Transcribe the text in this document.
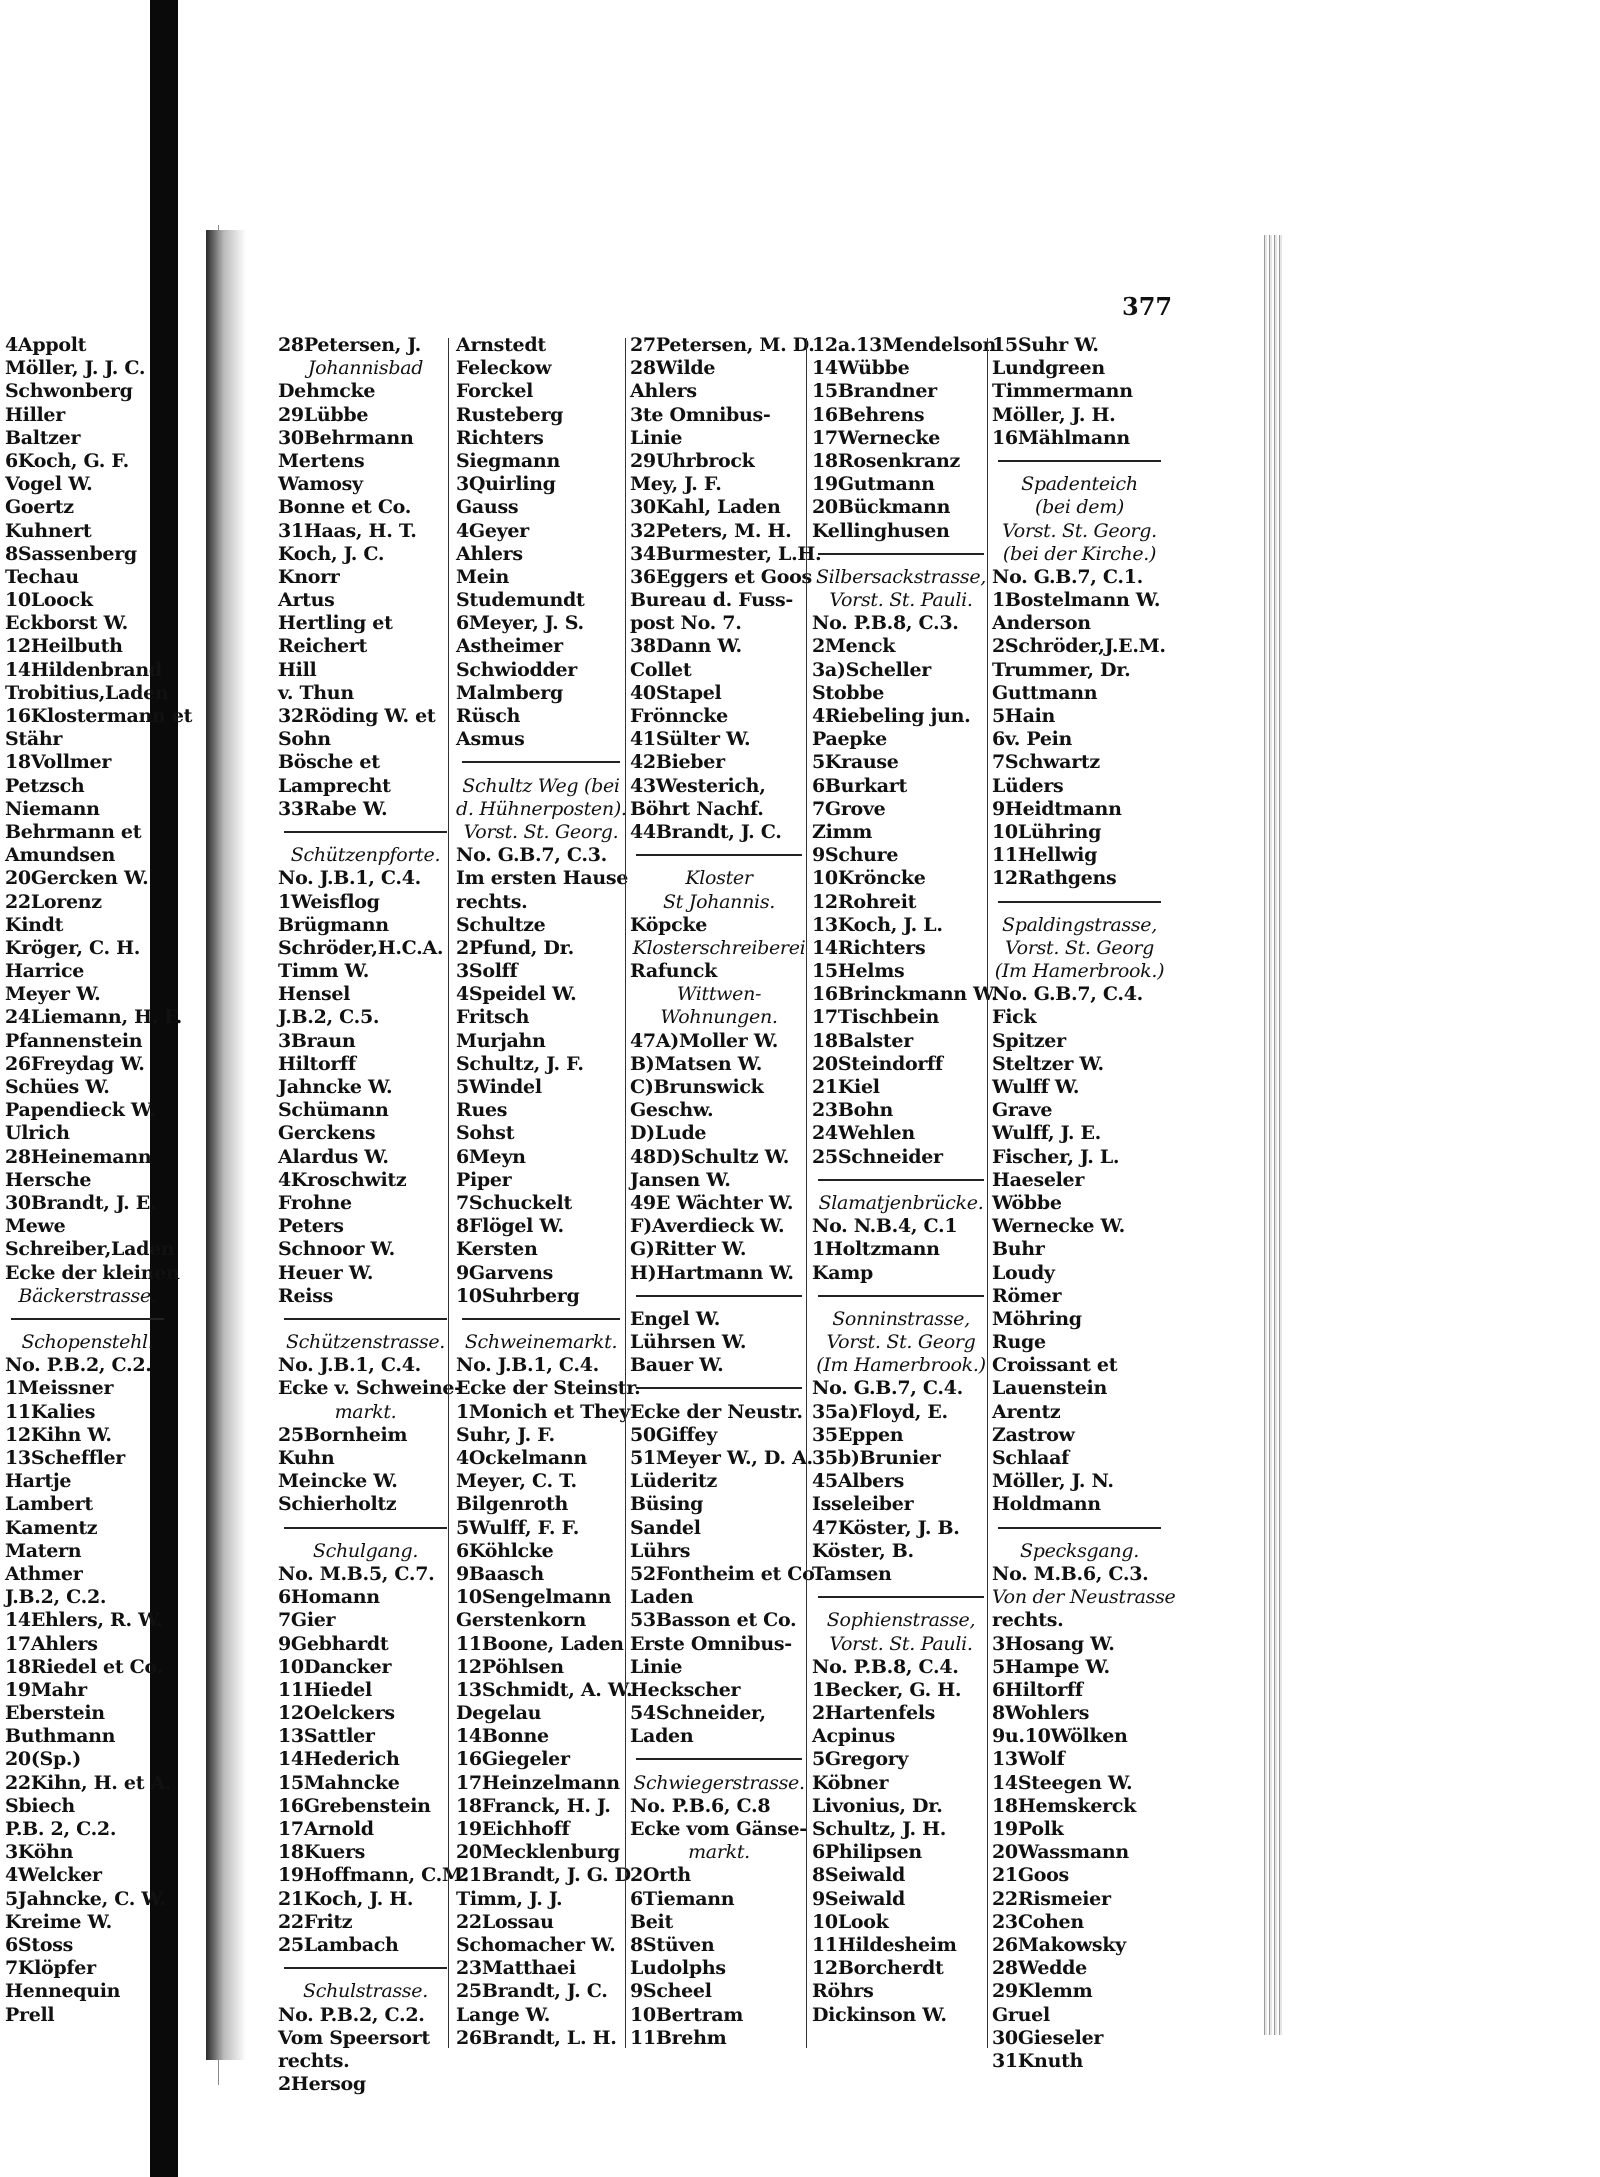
377
4Appolt
Möller, J. J. C.
Schwonberg
Hiller
Baltzer
6Koch, G. F.
Vogel W.
Goertz
Kuhnert
8Sassenberg
Techau
10Loock
Eckborst W.
12Heilbuth
14Hildenbrand
Trobitius,Laden
16Klostermann et
Stähr
18Vollmer
Petzsch
Niemann
Behrmann et
Amundsen
20Gercken W.
22Lorenz
Kindt
Kröger, C. H.
Harrice
Meyer W.
24Liemann, H. F.
Pfannenstein
26Freydag W.
Schües W.
Papendieck W.
Ulrich
28Heinemann
Hersche
30Brandt, J. E.
Mewe
Schreiber,Laden
Ecke der kleinen
Bäckerstrasse.
Schopenstehl.
No. P.B.2, C.2.
1Meissner
11Kalies
12Kihn W.
13Scheffler
Hartje
Lambert
Kamentz
Matern
Athmer
J.B.2, C.2.
14Ehlers, R. W.
17Ahlers
18Riedel et Co.
19Mahr
Eberstein
Buthmann
20(Sp.)
22Kihn, H. et A.
Sbiech
P.B. 2, C.2.
3Köhn
4Welcker
5Jahncke, C. W.
Kreime W.
6Stoss
7Klöpfer
Hennequin
Prell
28Petersen, J.
Johannisbad
Dehmcke
29Lübbe
30Behrmann
Mertens
Wamosy
Bonne et Co.
31Haas, H. T.
Koch, J. C.
Knorr
Artus
Hertling et
Reichert
Hill
v. Thun
32Röding W. et
Sohn
Bösche et
Lamprecht
33Rabe W.
Schützenpforte.
No. J.B.1, C.4.
1Weisflog
Brügmann
Schröder,H.C.A.
Timm W.
Hensel
J.B.2, C.5.
3Braun
Hiltorff
Jahncke W.
Schümann
Gerckens
Alardus W.
4Kroschwitz
Frohne
Peters
Schnoor W.
Heuer W.
Reiss
Schützenstrasse.
No. J.B.1, C.4.
Ecke v. Schweine-
markt.
25Bornheim
Kuhn
Meincke W.
Schierholtz
Schulgang.
No. M.B.5, C.7.
6Homann
7Gier
9Gebhardt
10Dancker
11Hiedel
12Oelckers
13Sattler
14Hederich
15Mahncke
16Grebenstein
17Arnold
18Kuers
19Hoffmann, C.M.
21Koch, J. H.
22Fritz
25Lambach
Schulstrasse.
No. P.B.2, C.2.
Vom Speersort
rechts.
2Hersog
Arnstedt
Feleckow
Forckel
Rusteberg
Richters
Siegmann
3Quirling
Gauss
4Geyer
Ahlers
Mein
Studemundt
6Meyer, J. S.
Astheimer
Schwiodder
Malmberg
Rüsch
Asmus
Schultz Weg (bei
d. Hühnerposten).
Vorst. St. Georg.
No. G.B.7, C.3.
Im ersten Hause
rechts.
Schultze
2Pfund, Dr.
3Solff
4Speidel W.
Fritsch
Murjahn
Schultz, J. F.
5Windel
Rues
Sohst
6Meyn
Piper
7Schuckelt
8Flögel W.
Kersten
9Garvens
10Suhrberg
Schweinemarkt.
No. J.B.1, C.4.
Ecke der Steinstr.
1Monich et They
Suhr, J. F.
4Ockelmann
Meyer, C. T.
Bilgenroth
5Wulff, F. F.
6Köhlcke
9Baasch
10Sengelmann
Gerstenkorn
11Boone, Laden
12Pöhlsen
13Schmidt, A. W.
Degelau
14Bonne
16Giegeler
17Heinzelmann
18Franck, H. J.
19Eichhoff
20Mecklenburg
21Brandt, J. G. D.
Timm, J. J.
22Lossau
Schomacher W.
23Matthaei
25Brandt, J. C.
Lange W.
26Brandt, L. H.
27Petersen, M. D.
28Wilde
Ahlers
3te Omnibus-
Linie
29Uhrbrock
Mey, J. F.
30Kahl, Laden
32Peters, M. H.
34Burmester, L.H.
36Eggers et Goos
Bureau d. Fuss-
post No. 7.
38Dann W.
Collet
40Stapel
Frönncke
41Sülter W.
42Bieber
43Westerich,
Böhrt Nachf.
44Brandt, J. C.
Kloster
St Johannis.
Köpcke
Klosterschreiberei
Rafunck
Wittwen-
Wohnungen.
47A)Moller W.
B)Matsen W.
C)Brunswick
Geschw.
D)Lude
48D)Schultz W.
Jansen W.
49E Wächter W.
F)Averdieck W.
G)Ritter W.
H)Hartmann W.
Engel W.
Lührsen W.
Bauer W.
Ecke der Neustr.
50Giffey
51Meyer W., D. A.
Lüderitz
Büsing
Sandel
Lührs
52Fontheim et Co
Laden
53Basson et Co.
Erste Omnibus-
Linie
Heckscher
54Schneider,
Laden
Schwiegerstrasse.
No. P.B.6, C.8
Ecke vom Gänse-
markt.
2Orth
6Tiemann
Beit
8Stüven
Ludolphs
9Scheel
10Bertram
11Brehm
12a.13Mendelson
14Wübbe
15Brandner
16Behrens
17Wernecke
18Rosenkranz
19Gutmann
20Bückmann
Kellinghusen
Silbersackstrasse,
Vorst. St. Pauli.
No. P.B.8, C.3.
2Menck
3a)Scheller
Stobbe
4Riebeling jun.
Paepke
5Krause
6Burkart
7Grove
Zimm
9Schure
10Kröncke
12Rohreit
13Koch, J. L.
14Richters
15Helms
16Brinckmann W.
17Tischbein
18Balster
20Steindorff
21Kiel
23Bohn
24Wehlen
25Schneider
Slamatjenbrücke.
No. N.B.4, C.1
1Holtzmann
Kamp
Sonninstrasse,
Vorst. St. Georg
(Im Hamerbrook.)
No. G.B.7, C.4.
35a)Floyd, E.
35Eppen
35b)Brunier
45Albers
Isseleiber
47Köster, J. B.
Köster, B.
Tamsen
Sophienstrasse,
Vorst. St. Pauli.
No. P.B.8, C.4.
1Becker, G. H.
2Hartenfels
Acpinus
5Gregory
Köbner
Livonius, Dr.
Schultz, J. H.
6Philipsen
8Seiwald
9Seiwald
10Look
11Hildesheim
12Borcherdt
Röhrs
Dickinson W.
15Suhr W.
Lundgreen
Timmermann
Möller, J. H.
16Mählmann
Spadenteich
(bei dem)
Vorst. St. Georg.
(bei der Kirche.)
No. G.B.7, C.1.
1Bostelmann W.
Anderson
2Schröder,J.E.M.
Trummer, Dr.
Guttmann
5Hain
6v. Pein
7Schwartz
Lüders
9Heidtmann
10Lühring
11Hellwig
12Rathgens
Spaldingstrasse,
Vorst. St. Georg
(Im Hamerbrook.)
No. G.B.7, C.4.
Fick
Spitzer
Steltzer W.
Wulff W.
Grave
Wulff, J. E.
Fischer, J. L.
Haeseler
Wöbbe
Wernecke W.
Buhr
Loudy
Römer
Möhring
Ruge
Croissant et
Lauenstein
Arentz
Zastrow
Schlaaf
Möller, J. N.
Holdmann
Specksgang.
No. M.B.6, C.3.
Von der Neustrasse
rechts.
3Hosang W.
5Hampe W.
6Hiltorff
8Wohlers
9u.10Wölken
13Wolf
14Steegen W.
18Hemskerck
19Polk
20Wassmann
21Goos
22Rismeier
23Cohen
26Makowsky
28Wedde
29Klemm
Gruel
30Gieseler
31Knuth
